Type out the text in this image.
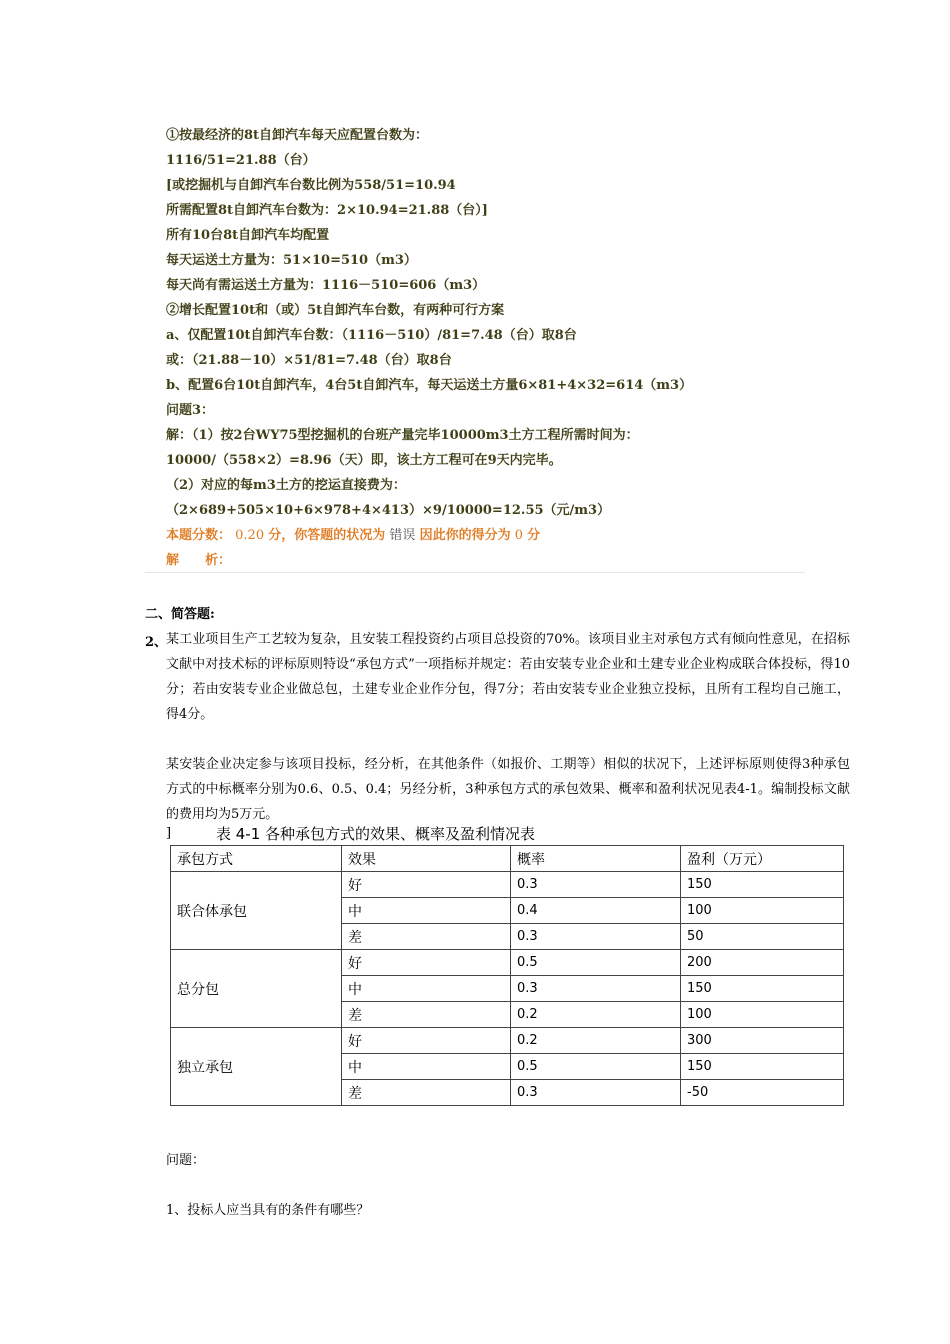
①按最经济的8t自卸汽车每天应配置台数为：
1116/51=21.88（台）
[或挖掘机与自卸汽车台数比例为558/51=10.94
所需配置8t自卸汽车台数为：2×10.94=21.88（台）]
所有10台8t自卸汽车均配置
每天运送土方量为：51×10=510（m3）
每天尚有需运送土方量为：1116－510=606（m3）
②增长配置10t和（或）5t自卸汽车台数，有两种可行方案
a、仅配置10t自卸汽车台数：（1116－510）/81=7.48（台）取8台
或：（21.88－10）×51/81=7.48（台）取8台
b、配置6台10t自卸汽车，4台5t自卸汽车，每天运送土方量6×81+4×32=614（m3）
问题3：
解：（1）按2台WY75型挖掘机的台班产量完毕10000m3土方工程所需时间为：
10000/（558×2）=8.96（天）即，该土方工程可在9天内完毕。
（2）对应的每m3土方的挖运直接费为：
（2×689+505×10+6×978+4×413）×9/10000=12.55（元/m3）
本题分数： 0.20 分，你答题的状况为 错误 因此你的得分为 0 分
解　　析：
二、简答题:
2、
某工业项目生产工艺较为复杂，且安装工程投资约占项目总投资的70%。该项目业主对承包方式有倾向性意见，在招标文献中对技术标的评标原则特设“承包方式”一项指标并规定：若由安装专业企业和土建专业企业构成联合体投标，得10分；若由安装专业企业做总包，土建专业企业作分包，得7分；若由安装专业企业独立投标，且所有工程均自己施工，得4分。
某安装企业决定参与该项目投标，经分析，在其他条件（如报价、工期等）相似的状况下，上述评标原则使得3种承包方式的中标概率分别为0.6、0.5、0.4；另经分析，3种承包方式的承包效果、概率和盈利状况见表4-1。编制投标文献的费用均为5万元。
]	表 4-1 各种承包方式的效果、概率及盈利情况表
承包方式	效果	概率	盈利（万元）
联合体承包	好	0.3	150
	中	0.4	100
	差	0.3	50
总分包	好	0.5	200
	中	0.3	150
	差	0.2	100
独立承包	好	0.2	300
	中	0.5	150
	差	0.3	-50
问题：
1、投标人应当具有的条件有哪些？
